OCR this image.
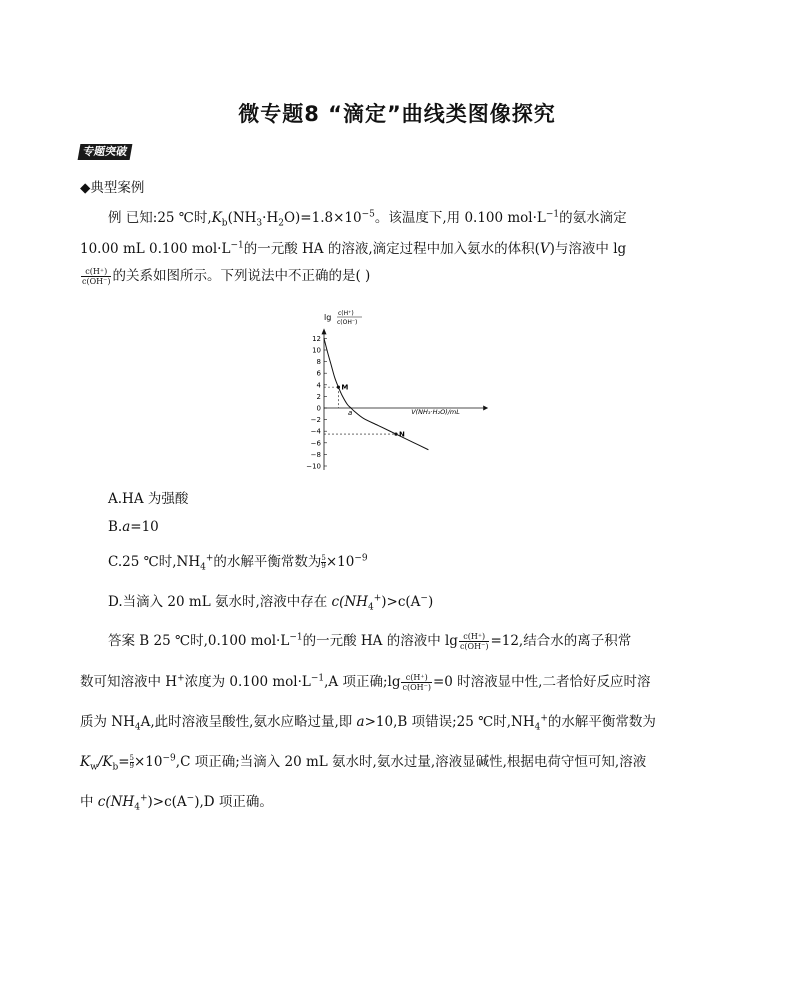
微专题8 “滴定”曲线类图像探究
专题突破
◆典型案例
例 已知:25 ℃时$,K_b(NH_3\cdot H_2O)=1.8\times 10^{-5}$。该温度下,用 0.100 $mol\cdot L^{-1}$的氨水滴定
10.00 mL 0.100 $mol\cdot L^{-1}$的一元酸 HA 的溶液,滴定过程中加入氨水的体积(V)与溶液中 lg
$\frac{c(H^+)}{c(OH^-)}$ 的关系如图所示。下列说法中不正确的是( )
lg c(H⁺)
c(OH⁻)
12
10
8
6
4
2
0
−2
−4
−6
−8
−10
V(NH₃·H₂O)/mL
a
M
N
A.HA 为强酸
B.a=10
C.25 ℃时$,NH_4^+$的水解平衡常数为 $\frac{5}{9}\times 10^{-9}$
D.当滴入 20 mL 氨水时,溶液中存在 $c(NH_4^+)>c(A^-)$
答案 B 25 ℃时,0.100 $mol\cdot L^{-1}$的一元酸 HA 的溶液中 $\lg \frac{c(H^+)}{c(OH^-)} =12$,结合水的离子积常
数可知溶液中 H+浓度为 0.100 $mol\cdot L^{-1},A$ 项正确;lg $\frac{c(H^+)}{c(OH^-)} =0$ 时溶液显中性,二者恰好反应时溶
质为 $NH_4A$,此时溶液呈酸性,氨水应略过量,即 a>10,B 项错误;25 ℃时$,NH_4^+$的水解平衡常数为
$K_w/K_b= \frac{5}{9}\times 10^{-9},C$ 项正确;当滴入 20 mL 氨水时,氨水过量,溶液显碱性,根据电荷守恒可知,溶液
中 $c(NH_4^+)>c(A^-),D$ 项正确。
